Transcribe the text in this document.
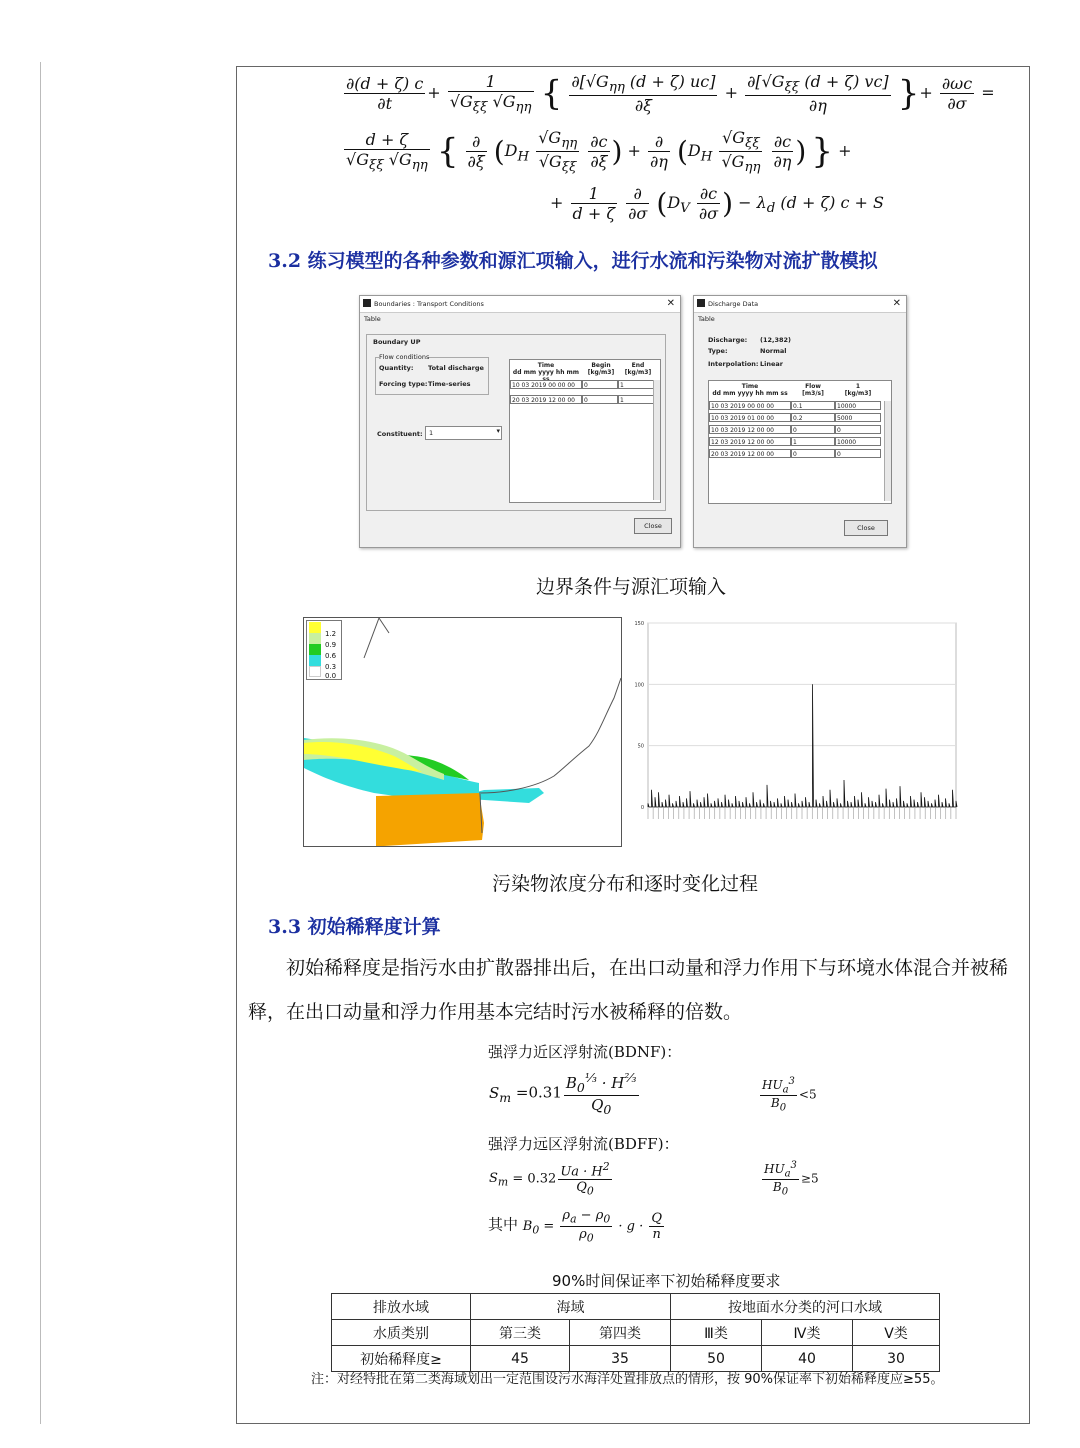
$\frac{\partial(d + \zeta) c}{\partial t} + \frac{1}{√G_{\xi\xi} √G_{\eta\eta}}$ { $\frac{\partial[√G_{\eta\eta} (d + \zeta) uc]}{\partial\xi} + \frac{\partial[√G_{\xi\xi} (d + \zeta) vc]}{\partial\eta}$ }+ $\frac{\partial\omega c}{\partial\sigma}$ =
$\frac{d + \zeta}{√G_{\xi\xi} √G_{\eta\eta}}$ { $\frac{\partial}{\partial\xi} (D_H \frac{√G_{\eta\eta}}{√G_{\xi\xi}}$
$\frac{\partial c}{\partial\xi}$ ) + $\frac{\partial}{\partial\eta} (D_H \frac{√G_{\xi\xi}}{√G_{\eta\eta}}$
$\frac{\partial c}{\partial\eta}$ ) } +
+ $\frac{1}{d + \zeta}$
$\frac{\partial}{\partial\sigma} (D_V \frac{\partial c}{\partial\sigma}$ ) − $\lambda_d$ (d + ζ) c + S
3.2 练习模型的各种参数和源汇项输入，进行水流和污染物对流扩散模拟
Boundaries : Transport Conditions	✕
Table
Boundary UP
Flow conditions
Quantity: Total discharge
Forcing type: Time-series
Constituent: 1	▾
Time
dd mm yyyy hh mm
Begin
[kg/m3]
End
[kg/m3]
10 03 2019 00 00 00	0	1
20 03 2019 12 00 00	0	1
Close
Discharge Data	✕
Table
Discharge: (12,382)
Type:	Normal
Interpolation: Linear
Time
dd mm yyyy hh mm ss
Flow
[m3/s]
1
[kg/m3]
10 03 2019 00 00 00	0.1	10000
10 03 2019 01 00 00	0.2	5000
10 03 2019 12 00 00	0	0
12 03 2019 12 00 00	1	10000
20 03 2019 12 00 00	0	0
Close
边界条件与源汇项输入
1.2
0.9
0.6
0.3
0.0
0
50
100
150
污染物浓度分布和逐时变化过程
3.3 初始稀释度计算
初始稀释度是指污水由扩散器排出后，在出口动量和浮力作用下与环境水体混合并被稀释，在出口动量和浮力作用基本完结时污水被稀释的倍数。
强浮力近区浮射流(BDNF)：
$S_m =0.31 \frac{B_0^{\frac{1}{3}} \cdot H^{\frac{2}{3}}}{Q_0}$	$\frac{HU_a^3}{B_0} <5$
强浮力远区浮射流(BDFF)：
$S_m = 0.32 \frac{Ua \cdot H^2}{Q_0}$	$\frac{HU_a^3}{B_0} \ge 5$
其中 $B_0 = \frac{\rho_a - \rho_0}{\rho_0} \cdot g \cdot \frac{Q}{n}$
90%时间保证率下初始稀释度要求
排放水域	海域		按地面水分类的河口水域		
水质类别	第三类	第四类	Ⅲ类	Ⅳ类	Ⅴ类
初始稀释度≥	45	35	50	40	30
注：对经特批在第二类海域划出一定范围设污水海洋处置排放点的情形，按 90%保证率下初始稀释度应≥55。
